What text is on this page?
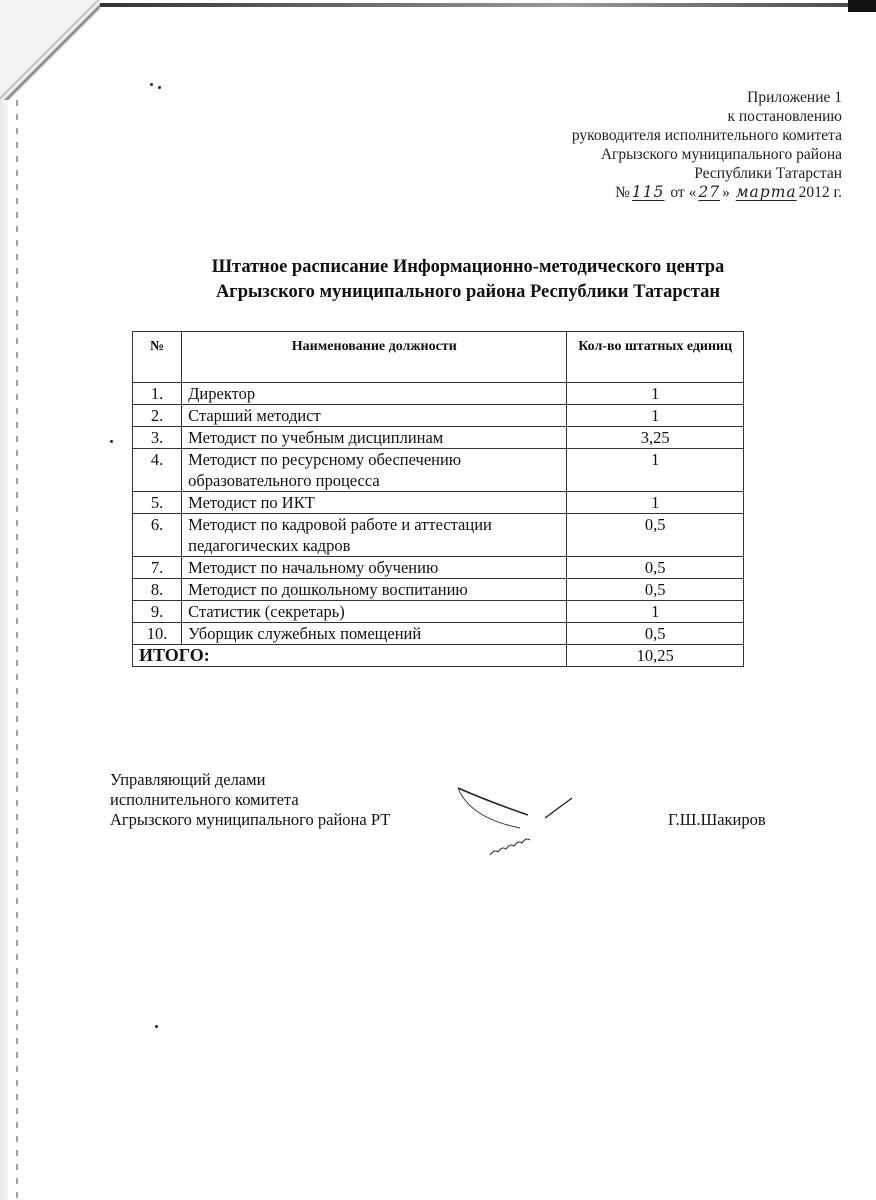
Приложение 1
к постановлению
руководителя исполнительного комитета
Агрызского муниципального района
Республики Татарстан
№ 115 от « 27 » марта 2012 г.
Штатное расписание Информационно-методического центра
Агрызского муниципального района Республики Татарстан
№	Наименование должности	Кол-во штатных единиц
1.	Директор	1
2.	Старший методист	1
3.	Методист по учебным дисциплинам	3,25
4.	Методист по ресурсному обеспечению образовательного процесса	1
5.	Методист по ИКТ	1
6.	Методист по кадровой работе и аттестации педагогических кадров	0,5
7.	Методист по начальному обучению	0,5
8.	Методист по дошкольному воспитанию	0,5
9.	Статистик (секретарь)	1
10.	Уборщик служебных помещений	0,5
ИТОГО:		10,25
Управляющий делами
исполнительного комитета
Агрызского муниципального района РТ	Г.Ш.Шакиров
